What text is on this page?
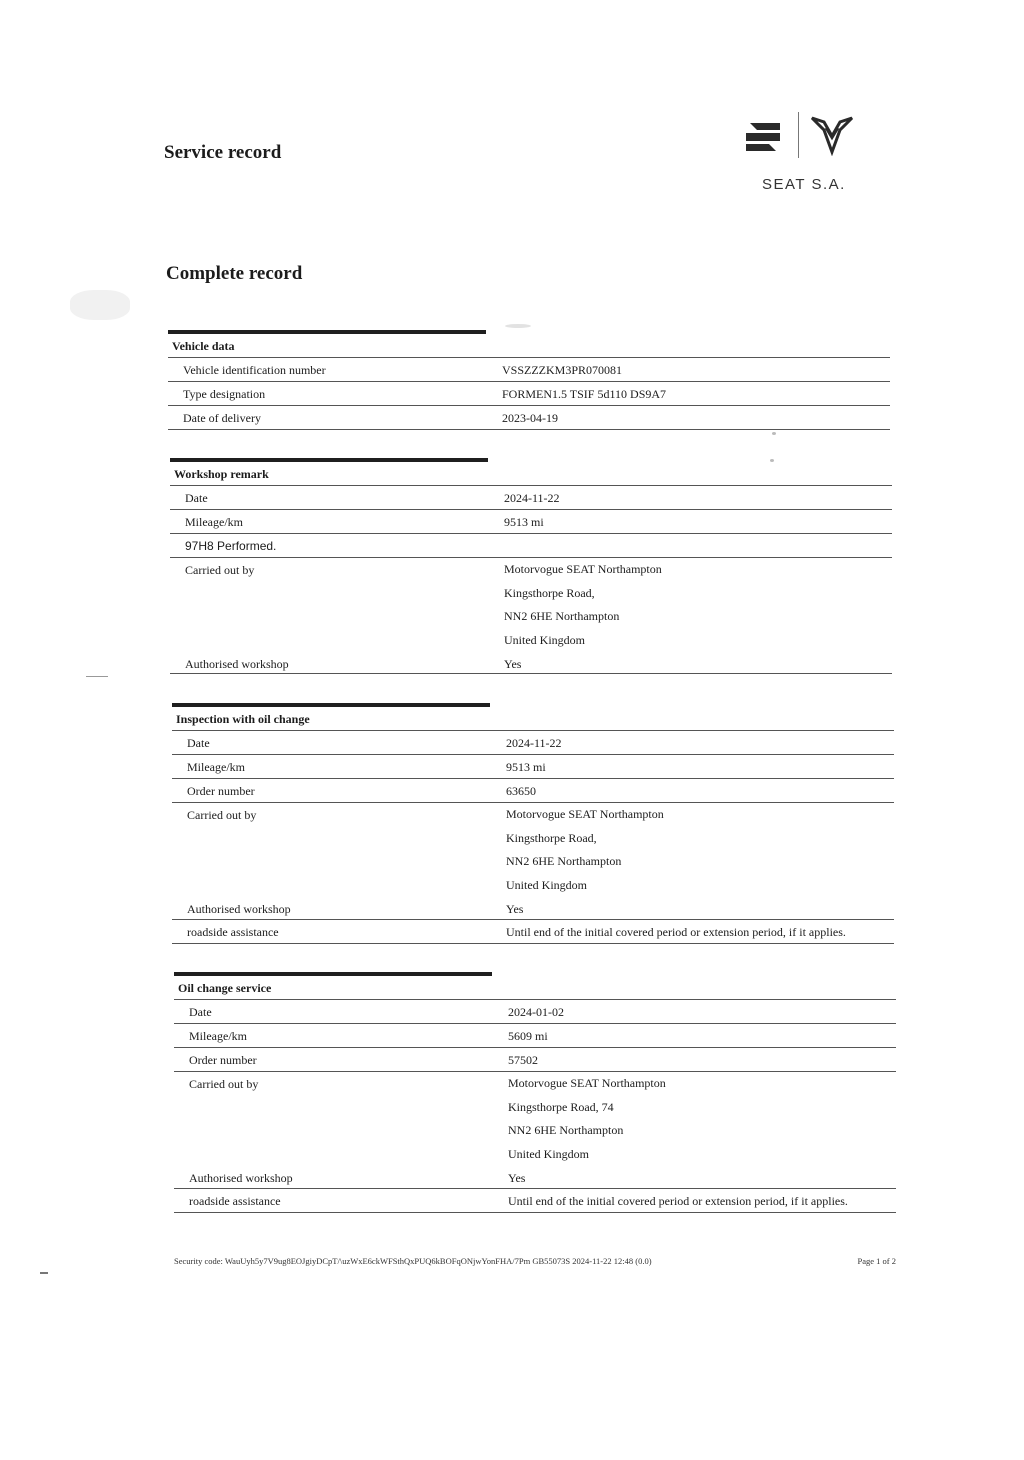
Service record
SEAT S.A.
Complete record
Vehicle data
Vehicle identification number	VSSZZZKM3PR070081
Type designation	FORMEN1.5 TSIF 5d110 DS9A7
Date of delivery	2023-04-19
Workshop remark
Date	2024-11-22
Mileage/km	9513 mi
97H8 Performed.
Carried out by	Motorvogue SEAT Northampton
Kingsthorpe Road,
NN2 6HE Northampton
United Kingdom
Authorised workshop	Yes
Inspection with oil change
Date	2024-11-22
Mileage/km	9513 mi
Order number	63650
Carried out by	Motorvogue SEAT Northampton
Kingsthorpe Road,
NN2 6HE Northampton
United Kingdom
Authorised workshop	Yes
roadside assistance	Until end of the initial covered period or extension period, if it applies.
Oil change service
Date	2024-01-02
Mileage/km	5609 mi
Order number	57502
Carried out by	Motorvogue SEAT Northampton
Kingsthorpe Road, 74
NN2 6HE Northampton
United Kingdom
Authorised workshop	Yes
roadside assistance	Until end of the initial covered period or extension period, if it applies.
Security code: WauUyh5y7V9ug8EOJgiyDCpT/\uzWxE6ckWFSthQxPUQ6kBOFqONjwYonFHA/7Pm GB55073S 2024-11-22 12:48 (0.0)	Page 1 of 2
